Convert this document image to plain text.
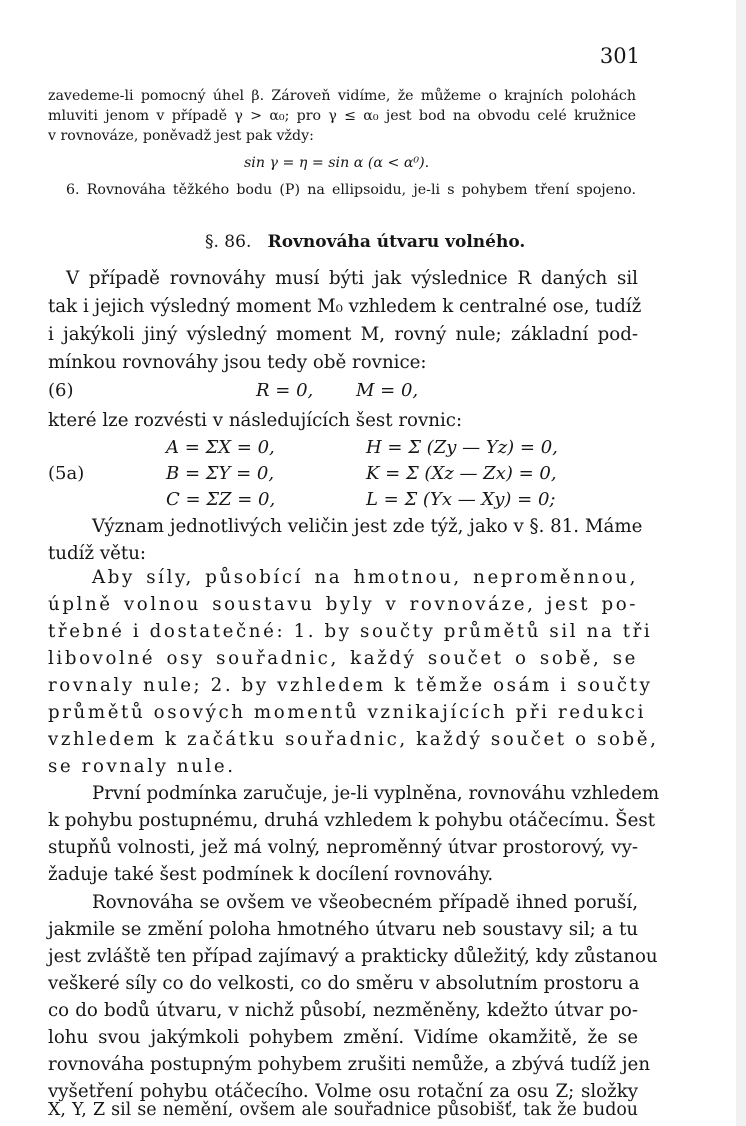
301
zavedeme-li pomocný úhel β. Zároveň vidíme, že můžeme o krajních polohách
mluviti jenom v případě γ > α₀; pro γ ≤ α₀ jest bod na obvodu celé kružnice
v rovnováze, poněvadž jest pak vždy:
sin γ = η = sin α (α < α⁰).
6. Rovnováha těžkého bodu (P) na ellipsoidu, je-li s pohybem tření spojeno.
§. 86. Rovnováha útvaru volného.
V případě rovnováhy musí býti jak výslednice R daných sil
tak i jejich výsledný moment M₀ vzhledem k centralné ose, tudíž
i jakýkoli jiný výsledný moment M, rovný nule; základní pod-
mínkou rovnováhy jsou tedy obě rovnice:
(6)	R = 0, M = 0,
které lze rozvésti v následujících šest rovnic:
A = ΣX = 0,	H = Σ (Zy — Yz) = 0,
(5a)	B = ΣY = 0,	K = Σ (Xz — Zx) = 0,
C = ΣZ = 0,	L = Σ (Yx — Xy) = 0;
Význam jednotlivých veličin jest zde týž, jako v §. 81. Máme
tudíž větu:
Aby síly, působící na hmotnou, neproměnnou,
úplně volnou soustavu byly v rovnováze, jest po-
třebné i dostatečné: 1. by součty průmětů sil na tři
libovolné osy souřadnic, každý součet o sobě, se
rovnaly nule; 2. by vzhledem k těmže osám i součty
průmětů osových momentů vznikajících při redukci
vzhledem k začátku souřadnic, každý součet o sobě,
se rovnaly nule.
První podmínka zaručuje, je-li vyplněna, rovnováhu vzhledem
k pohybu postupnému, druhá vzhledem k pohybu otáčecímu. Šest
stupňů volnosti, jež má volný, neproměnný útvar prostorový, vy-
žaduje také šest podmínek k docílení rovnováhy.
Rovnováha se ovšem ve všeobecném případě ihned poruší,
jakmile se změní poloha hmotného útvaru neb soustavy sil; a tu
jest zvláště ten případ zajímavý a prakticky důležitý, kdy zůstanou
veškeré síly co do velkosti, co do směru v absolutním prostoru a
co do bodů útvaru, v nichž působí, nezměněny, kdežto útvar po-
lohu svou jakýmkoli pohybem změní. Vidíme okamžitě, že se
rovnováha postupným pohybem zrušiti nemůže, a zbývá tudíž jen
vyšetření pohybu otáčecího. Volme osu rotační za osu Z; složky
X, Y, Z sil se nemění, ovšem ale souřadnice působišť, tak že budou
